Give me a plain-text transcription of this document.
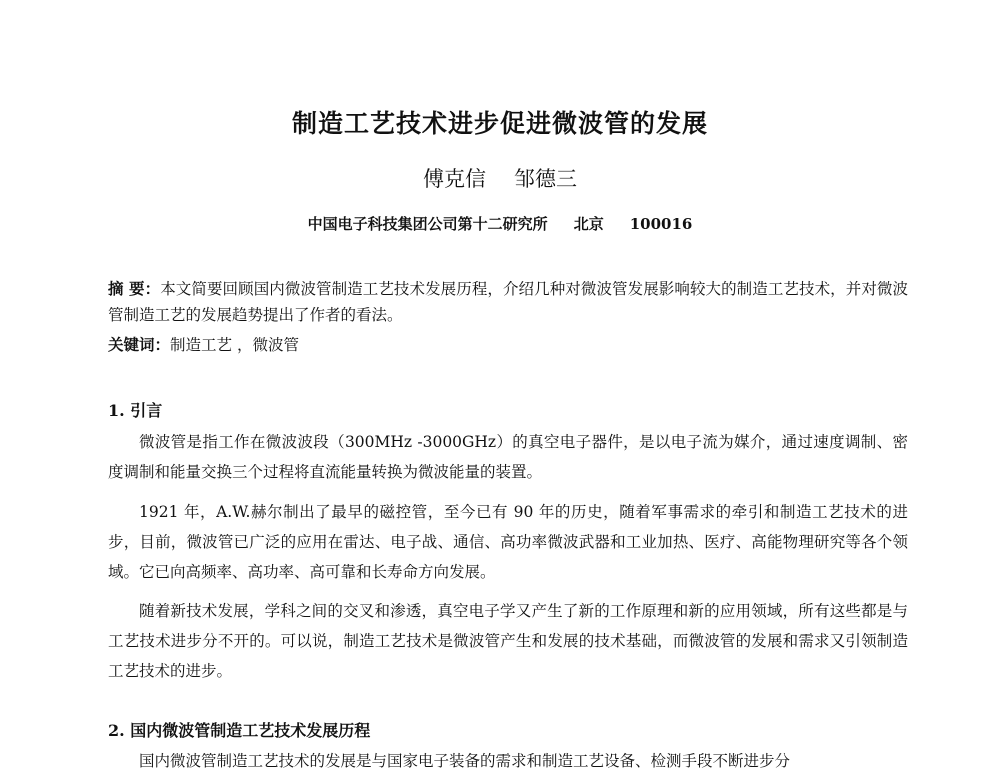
制造工艺技术进步促进微波管的发展
傅克信 邹德三
中国电子科技集团公司第十二研究所 北京 100016

摘 要：本文简要回顾国内微波管制造工艺技术发展历程，介绍几种对微波管发展影响较大的制造工艺技术，并对微波管制造工艺的发展趋势提出了作者的看法。

关键词：制造工艺 ，微波管

1. 引言

微波管是指工作在微波波段（300MHz -3000GHz）的真空电子器件，是以电子流为媒介，通过速度调制、密度调制和能量交换三个过程将直流能量转换为微波能量的装置。

1921 年，A.W.赫尔制出了最早的磁控管，至今已有 90 年的历史，随着军事需求的牵引和制造工艺技术的进步，目前，微波管已广泛的应用在雷达、电子战、通信、高功率微波武器和工业加热、医疗、高能物理研究等各个领域。它已向高频率、高功率、高可靠和长寿命方向发展。

随着新技术发展，学科之间的交叉和渗透，真空电子学又产生了新的工作原理和新的应用领域，所有这些都是与工艺技术进步分不开的。可以说，制造工艺技术是微波管产生和发展的技术基础，而微波管的发展和需求又引领制造工艺技术的进步。

2. 国内微波管制造工艺技术发展历程

国内微波管制造工艺技术的发展是与国家电子装备的需求和制造工艺设备、检测手段不断进步分
